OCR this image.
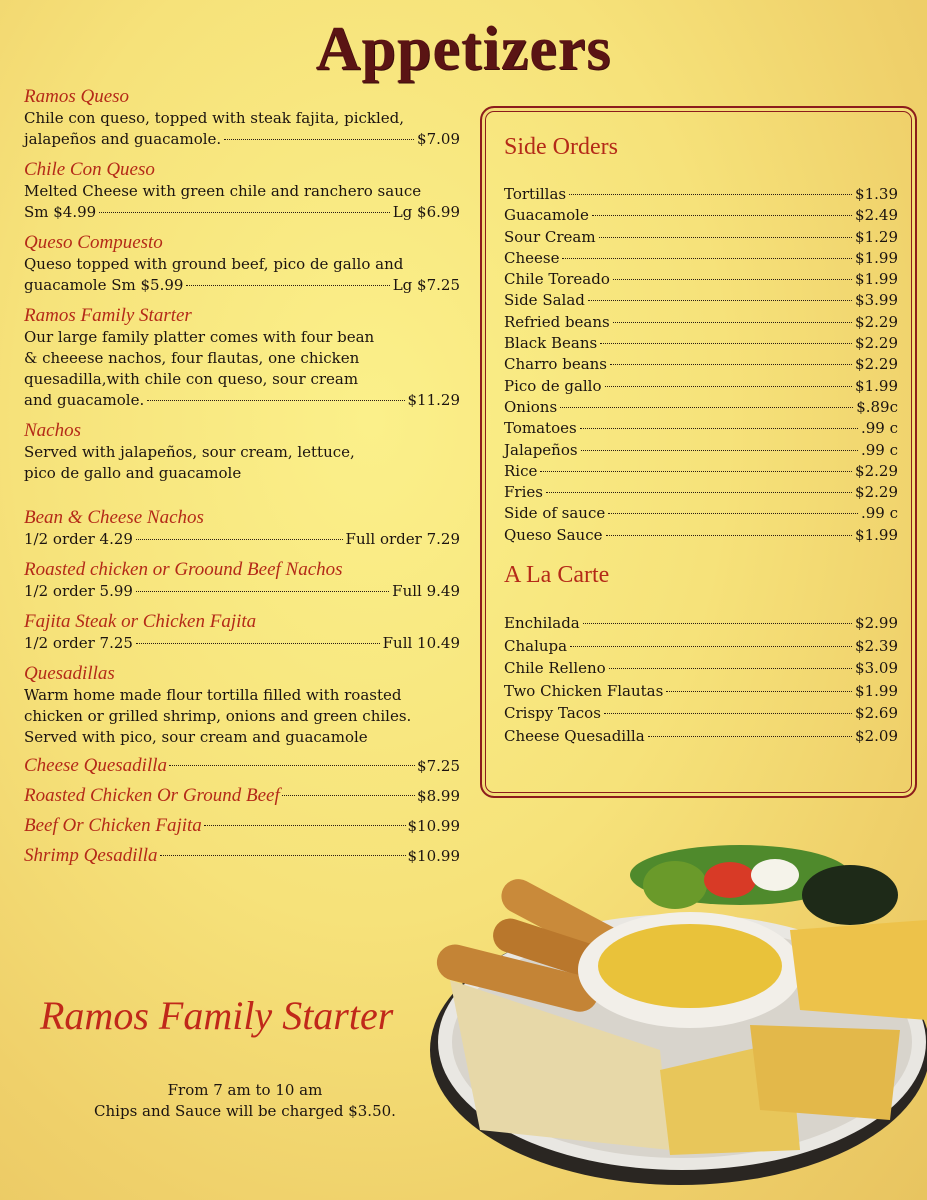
Appetizers
Ramos Queso
Chile con queso, topped with steak fajita, pickled,
jalapeños and guacamole.	$7.09
Chile Con Queso
Melted Cheese with green chile and ranchero sauce
Sm $4.99	Lg $6.99
Queso Compuesto
Queso topped with ground beef, pico de gallo and
guacamole Sm $5.99	Lg $7.25
Ramos Family Starter
Our large family platter comes with four bean
& cheeese nachos, four flautas, one chicken
quesadilla,with chile con queso, sour cream
and guacamole.	$11.29
Nachos
Served with jalapeños, sour cream, lettuce,
pico de gallo and guacamole
Bean & Cheese Nachos
1/2 order 4.29	Full order 7.29
Roasted chicken or Groound Beef Nachos
1/2 order 5.99	Full 9.49
Fajita Steak or Chicken Fajita
1/2 order 7.25	Full 10.49
Quesadillas
Warm home made flour tortilla filled with roasted
chicken or grilled shrimp, onions and green chiles.
Served with pico, sour cream and guacamole
Cheese Quesadilla	$7.25
Roasted Chicken Or Ground Beef	$8.99
Beef Or Chicken Fajita	$10.99
Shrimp Qesadilla	$10.99
Side Orders
Tortillas	$1.39
Guacamole	$2.49
Sour Cream	$1.29
Cheese	$1.99
Chile Toreado	$1.99
Side Salad	$3.99
Refried beans	$2.29
Black Beans	$2.29
Charro beans	$2.29
Pico de gallo	$1.99
Onions	$.89c
Tomatoes	.99 c
Jalapeños	.99 c
Rice	$2.29
Fries	$2.29
Side of sauce	.99 c
Queso Sauce	$1.99
A La Carte
Enchilada	$2.99
Chalupa	$2.39
Chile Relleno	$3.09
Two Chicken Flautas	$1.99
Crispy Tacos	$2.69
Cheese Quesadilla	$2.09
Ramos Family Starter
From 7 am to 10 am
Chips and Sauce will be charged $3.50.
